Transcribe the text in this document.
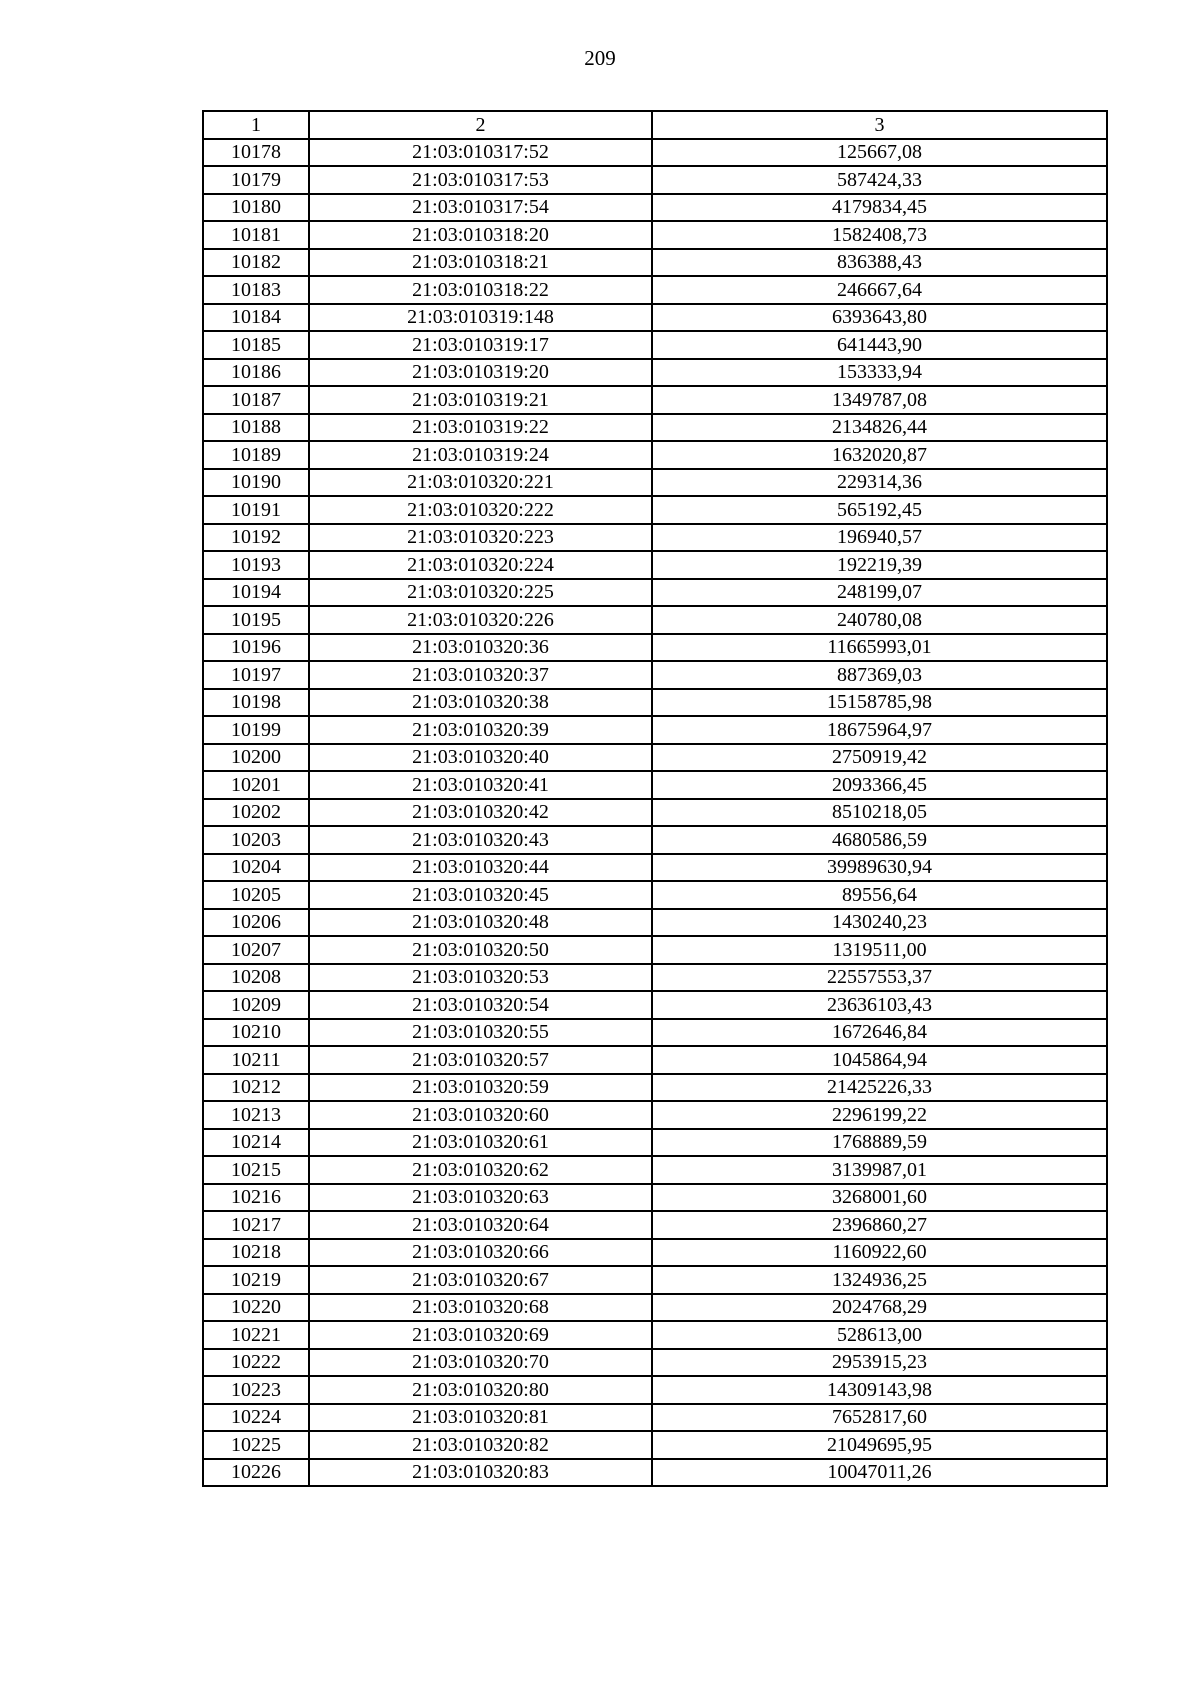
209
1	2	3
10178	21:03:010317:52	125667,08
10179	21:03:010317:53	587424,33
10180	21:03:010317:54	4179834,45
10181	21:03:010318:20	1582408,73
10182	21:03:010318:21	836388,43
10183	21:03:010318:22	246667,64
10184	21:03:010319:148	6393643,80
10185	21:03:010319:17	641443,90
10186	21:03:010319:20	153333,94
10187	21:03:010319:21	1349787,08
10188	21:03:010319:22	2134826,44
10189	21:03:010319:24	1632020,87
10190	21:03:010320:221	229314,36
10191	21:03:010320:222	565192,45
10192	21:03:010320:223	196940,57
10193	21:03:010320:224	192219,39
10194	21:03:010320:225	248199,07
10195	21:03:010320:226	240780,08
10196	21:03:010320:36	11665993,01
10197	21:03:010320:37	887369,03
10198	21:03:010320:38	15158785,98
10199	21:03:010320:39	18675964,97
10200	21:03:010320:40	2750919,42
10201	21:03:010320:41	2093366,45
10202	21:03:010320:42	8510218,05
10203	21:03:010320:43	4680586,59
10204	21:03:010320:44	39989630,94
10205	21:03:010320:45	89556,64
10206	21:03:010320:48	1430240,23
10207	21:03:010320:50	1319511,00
10208	21:03:010320:53	22557553,37
10209	21:03:010320:54	23636103,43
10210	21:03:010320:55	1672646,84
10211	21:03:010320:57	1045864,94
10212	21:03:010320:59	21425226,33
10213	21:03:010320:60	2296199,22
10214	21:03:010320:61	1768889,59
10215	21:03:010320:62	3139987,01
10216	21:03:010320:63	3268001,60
10217	21:03:010320:64	2396860,27
10218	21:03:010320:66	1160922,60
10219	21:03:010320:67	1324936,25
10220	21:03:010320:68	2024768,29
10221	21:03:010320:69	528613,00
10222	21:03:010320:70	2953915,23
10223	21:03:010320:80	14309143,98
10224	21:03:010320:81	7652817,60
10225	21:03:010320:82	21049695,95
10226	21:03:010320:83	10047011,26
